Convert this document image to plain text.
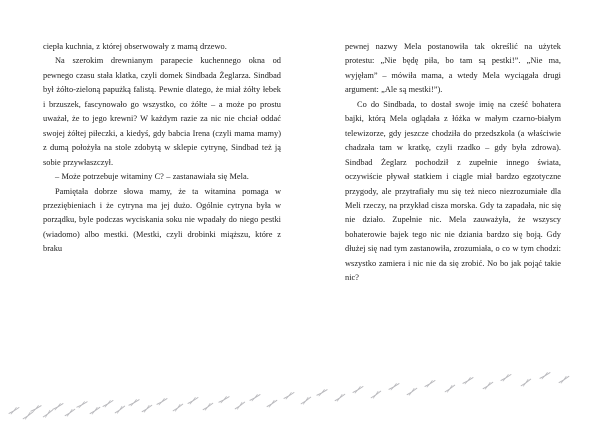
ciepła kuchnia, z której obserwowały z mamą drzewo.

Na szerokim drewnianym parapecie kuchennego okna od pewnego czasu stała klatka, czyli domek Sindbada Żeglarza. Sindbad był żółto-zieloną papużką falistą. Pewnie dlatego, że miał żółty łebek i brzuszek, fascynowało go wszystko, co żółte – a może po prostu uważał, że to jego krewni? W każdym razie za nic nie chciał oddać swojej żółtej piłeczki, a kiedyś, gdy babcia Irena (czyli mama mamy) z dumą położyła na stole zdobytą w sklepie cytrynę, Sindbad też ją sobie przywłaszczył.

– Może potrzebuje witaminy C? – zastanawiała się Mela.

Pamiętała dobrze słowa mamy, że ta witamina pomaga w przeziębieniach i że cytryna ma jej dużo. Ogólnie cytryna była w porządku, byle podczas wyciskania soku nie wpadały do niego pestki (wiadomo) albo mestki. (Mestki, czyli drobinki miąższu, które z braku

pewnej nazwy Mela postanowiła tak określić na użytek protestu: „Nie będę piła, bo tam są pestki!”. „Nie ma, wyjęłam” – mówiła mama, a wtedy Mela wyciągała drugi argument: „Ale są mestki!”).

Co do Sindbada, to dostał swoje imię na cześć bohatera bajki, którą Mela oglądała z łóżka w małym czarno-białym telewizorze, gdy jeszcze chodziła do przedszkola (a właściwie chadzała tam w kratkę, czyli rzadko – gdy była zdrowa). Sindbad Żeglarz pochodził z zupełnie innego świata, oczywiście pływał statkiem i ciągle miał bardzo egzotyczne przygody, ale przytrafiały mu się też nieco niezrozumiałe dla Meli rzeczy, na przykład cisza morska. Gdy ta zapadała, nic się nie działo. Zupełnie nic. Mela zauważyła, że wszyscy bohaterowie bajek tego nic nie dziania bardzo się boją. Gdy dłużej się nad tym zastanowiła, zrozumiała, o co w tym chodzi: wszystko zamiera i nic nie da się zrobić. No bo jak pojąć takie nic?
